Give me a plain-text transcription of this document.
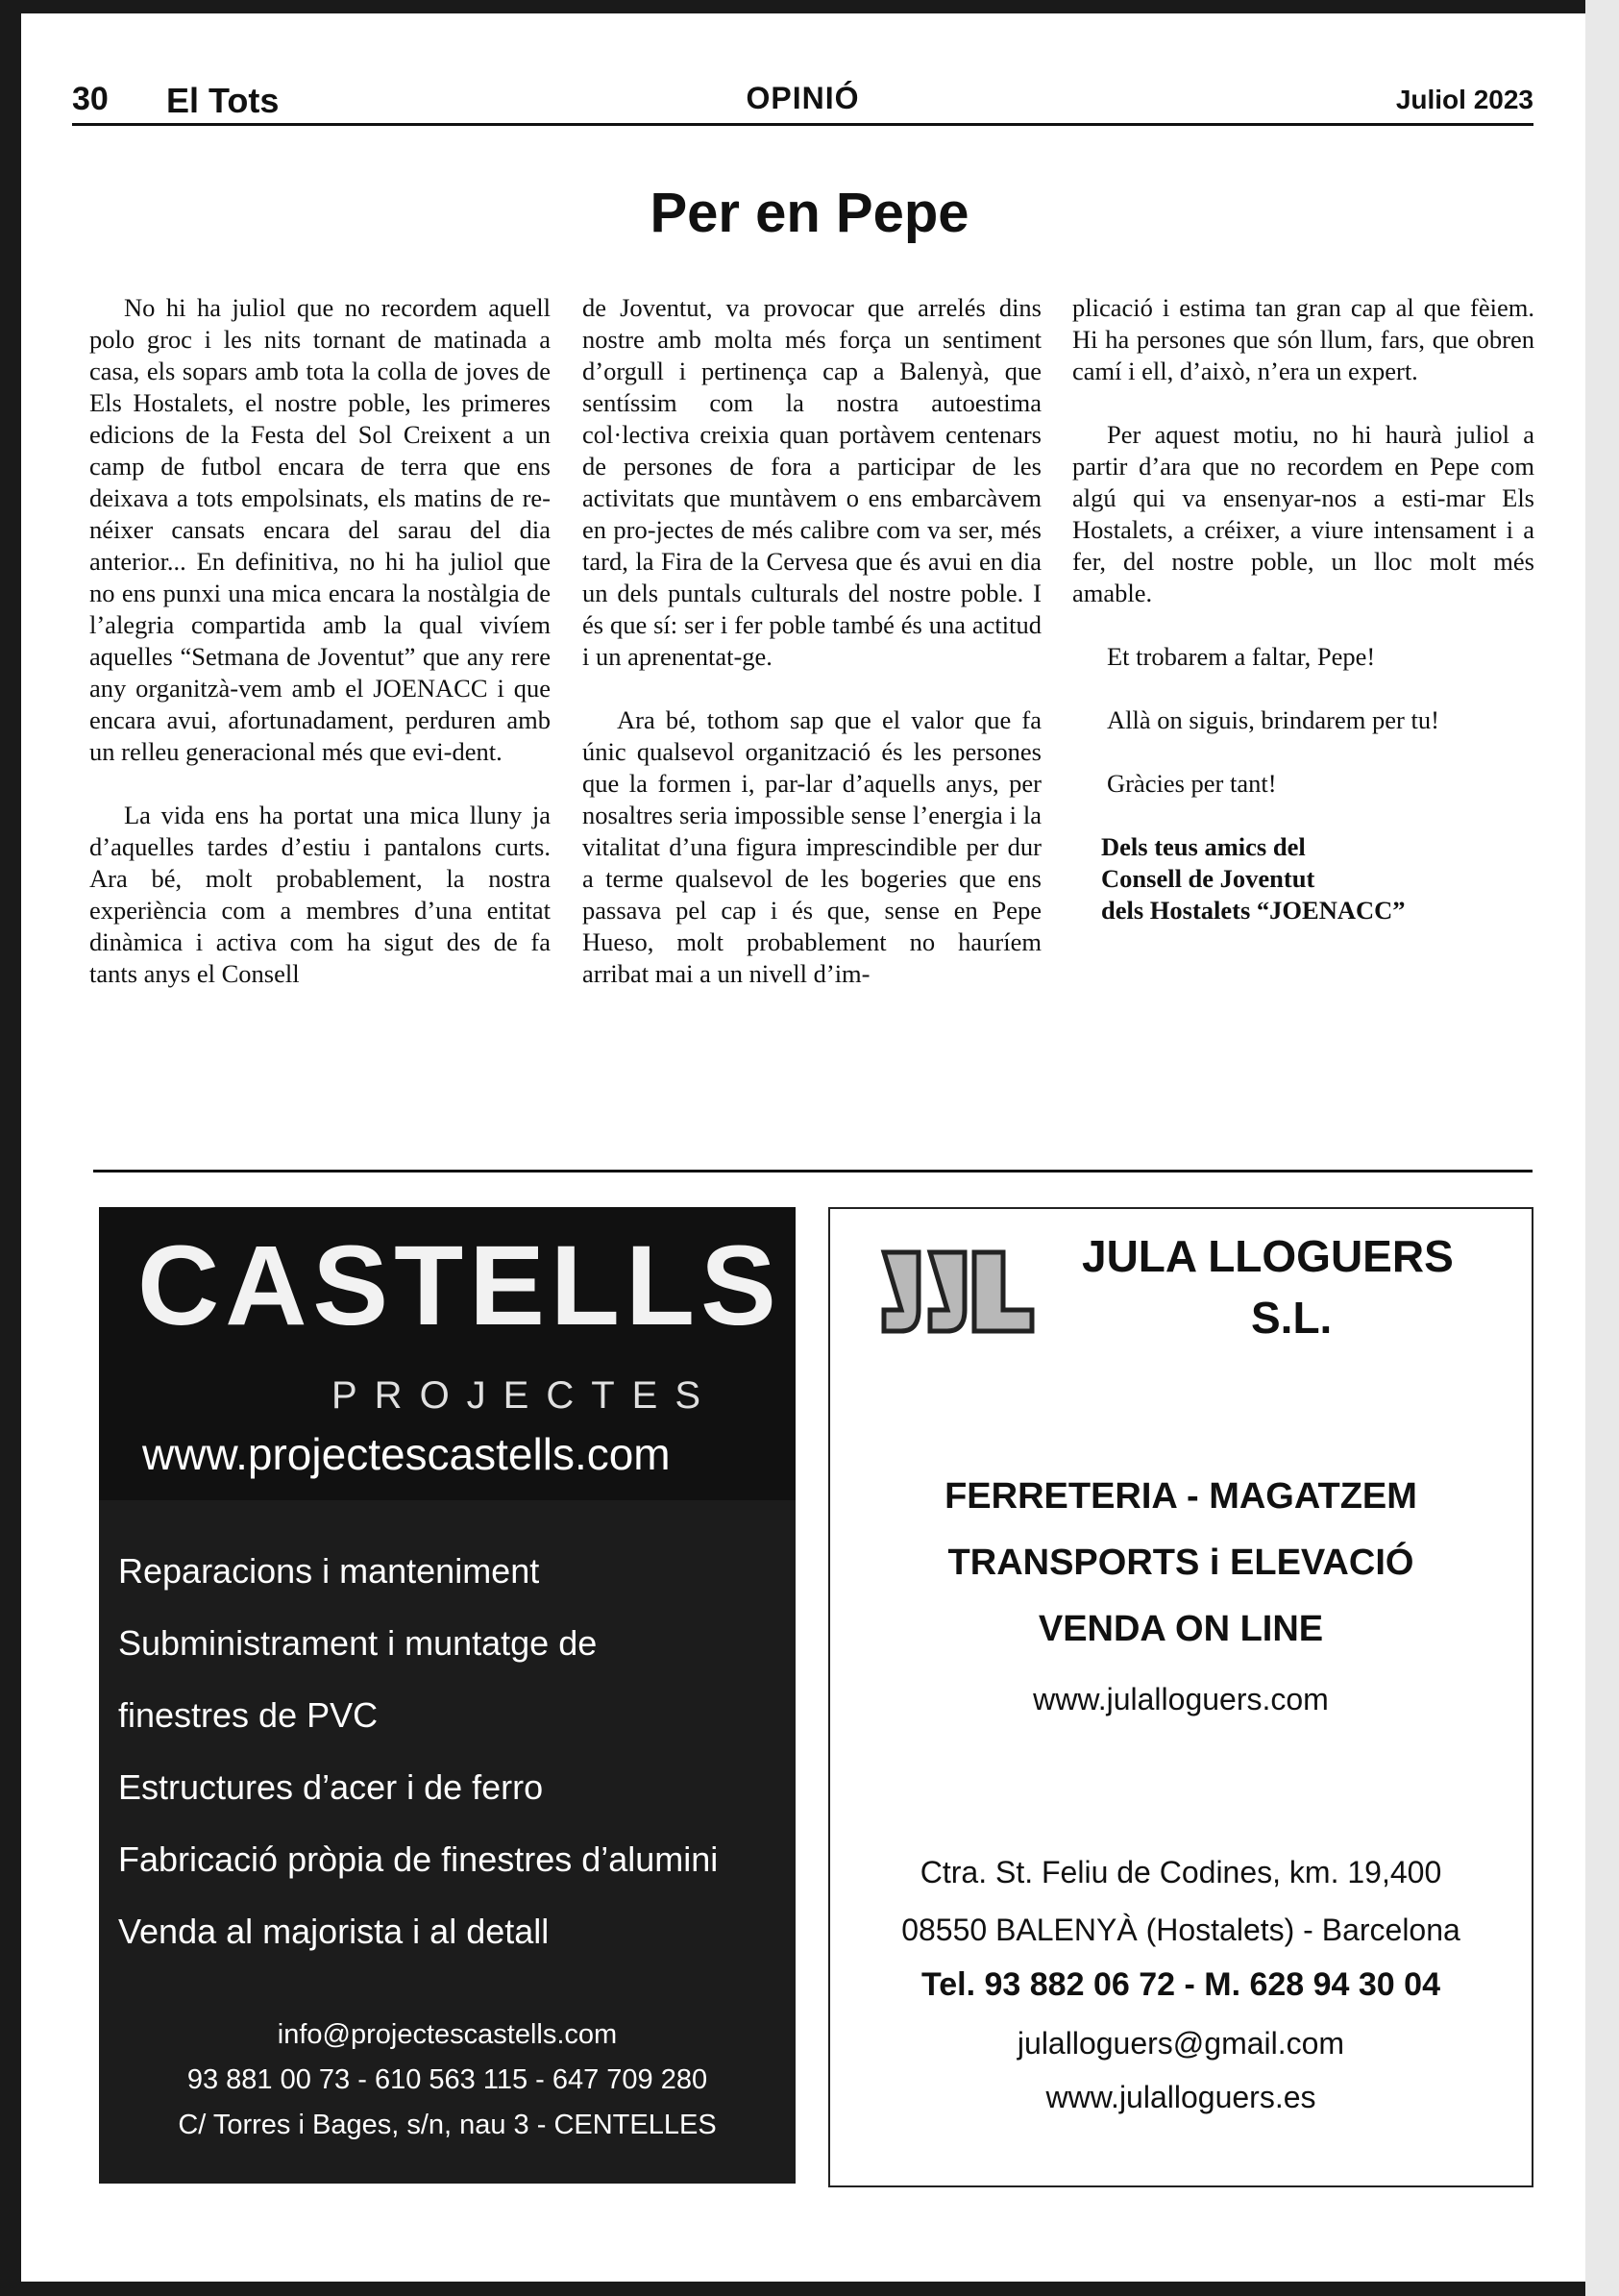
30 El Tots	OPINIÓ	Juliol 2023
Per en Pepe

No hi ha juliol que no recordem aquell polo groc i les nits tornant de matinada a casa, els sopars amb tota la colla de joves de Els Hostalets, el nostre poble, les primeres edicions de la Festa del Sol Creixent a un camp de futbol encara de terra que ens deixava a tots empolsinats, els matins de re-néixer cansats encara del sarau del dia anterior... En definitiva, no hi ha juliol que no ens punxi una mica encara la nostàlgia de l’alegria compartida amb la qual vivíem aquelles “Setmana de Joventut” que any rere any organitzà-vem amb el JOENACC i que encara avui, afortunadament, perduren amb un relleu generacional més que evi-dent.

La vida ens ha portat una mica lluny ja d’aquelles tardes d’estiu i pantalons curts. Ara bé, molt probablement, la nostra experiència com a membres d’una entitat dinàmica i activa com ha sigut des de fa tants anys el Consell

de Joventut, va provocar que arrelés dins nostre amb molta més força un sentiment d’orgull i pertinença cap a Balenyà, que sentíssim com la nostra autoestima col·lectiva creixia quan portàvem centenars de persones de fora a participar de les activitats que muntàvem o ens embarcàvem en pro-jectes de més calibre com va ser, més tard, la Fira de la Cervesa que és avui en dia un dels puntals culturals del nostre poble. I és que sí: ser i fer poble també és una actitud i un aprenentat-ge.

Ara bé, tothom sap que el valor que fa únic qualsevol organització és les persones que la formen i, par-lar d’aquells anys, per nosaltres seria impossible sense l’energia i la vitalitat d’una figura imprescindible per dur a terme qualsevol de les bogeries que ens passava pel cap i és que, sense en Pepe Hueso, molt probablement no hauríem arribat mai a un nivell d’im-

plicació i estima tan gran cap al que fèiem. Hi ha persones que són llum, fars, que obren camí i ell, d’això, n’era un expert.

Per aquest motiu, no hi haurà juliol a partir d’ara que no recordem en Pepe com algú qui va ensenyar-nos a esti-mar Els Hostalets, a créixer, a viure intensament i a fer, del nostre poble, un lloc molt més amable.

Et trobarem a faltar, Pepe!

Allà on siguis, brindarem per tu!

Gràcies per tant!

Dels teus amics del
Consell de Joventut
dels Hostalets “JOENACC”

CASTELLS
PROJECTES
www.projectescastells.com
Reparacions i manteniment
Subministrament i muntatge de
finestres de PVC
Estructures d’acer i de ferro
Fabricació pròpia de finestres d’alumini
Venda al majorista i al detall
info@projectescastells.com
93 881 00 73 - 610 563 115 - 647 709 280
C/ Torres i Bages, s/n, nau 3 - CENTELLES
JULA LLOGUERS
S.L.
FERRETERIA - MAGATZEM
TRANSPORTS i ELEVACIÓ
VENDA ON LINE
www.julalloguers.com
Ctra. St. Feliu de Codines, km. 19,400
08550 BALENYÀ (Hostalets) - Barcelona
Tel. 93 882 06 72 - M. 628 94 30 04
julalloguers@gmail.com
www.julalloguers.es
